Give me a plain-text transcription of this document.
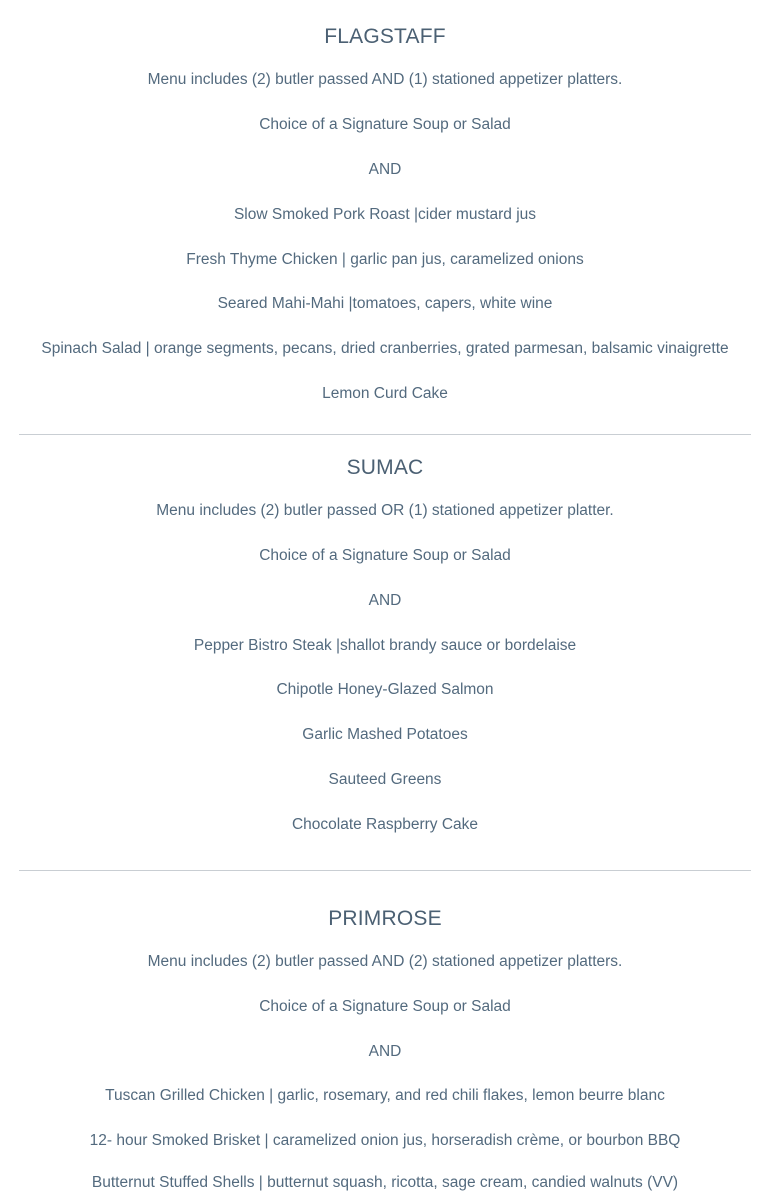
FLAGSTAFF

Menu includes (2) butler passed AND (1) stationed appetizer platters.

Choice of a Signature Soup or Salad

AND

Slow Smoked Pork Roast |cider mustard jus

Fresh Thyme Chicken | garlic pan jus, caramelized onions

Seared Mahi-Mahi |tomatoes, capers, white wine

Spinach Salad | orange segments, pecans, dried cranberries, grated parmesan, balsamic vinaigrette

Lemon Curd Cake

SUMAC

Menu includes (2) butler passed OR (1) stationed appetizer platter.

Choice of a Signature Soup or Salad

AND

Pepper Bistro Steak |shallot brandy sauce or bordelaise

Chipotle Honey-Glazed Salmon

Garlic Mashed Potatoes

Sauteed Greens

Chocolate Raspberry Cake

PRIMROSE

Menu includes (2) butler passed AND (2) stationed appetizer platters.

Choice of a Signature Soup or Salad

AND

Tuscan Grilled Chicken | garlic, rosemary, and red chili flakes, lemon beurre blanc

12- hour Smoked Brisket | caramelized onion jus, horseradish crème, or bourbon BBQ

Butternut Stuffed Shells | butternut squash, ricotta, sage cream, candied walnuts (VV)
